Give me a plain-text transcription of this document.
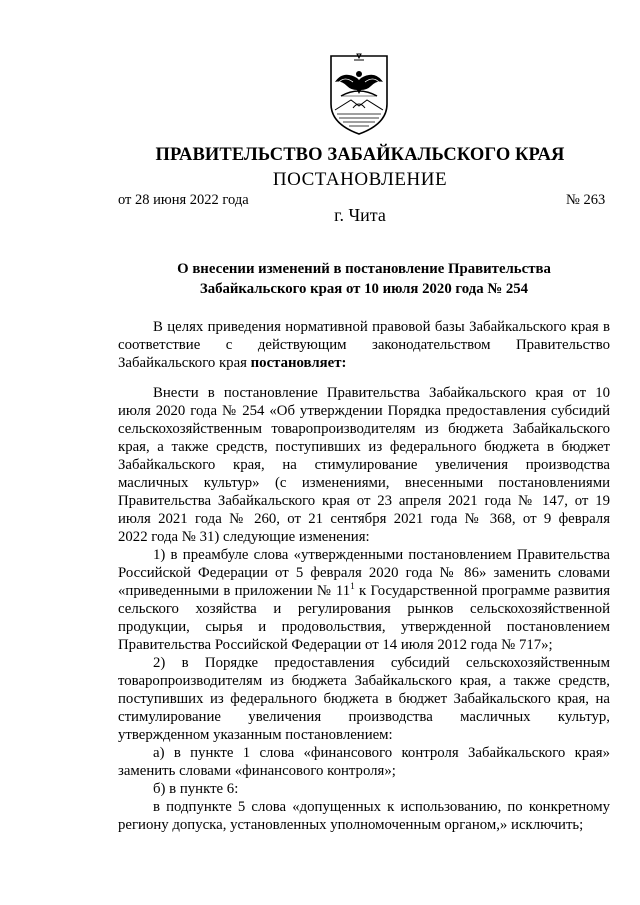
ПРАВИТЕЛЬСТВО ЗАБАЙКАЛЬСКОГО КРАЯ
ПОСТАНОВЛЕНИЕ
от 28 июня 2022 года	№ 263
г. Чита
О внесении изменений в постановление Правительства
Забайкальского края от 10 июля 2020 года № 254
В целях приведения нормативной правовой базы Забайкальского края в
соответствие с действующим законодательством Правительство
Забайкальского края постановляет:
Внести в постановление Правительства Забайкальского края от 10
июля 2020 года № 254 «Об утверждении Порядка предоставления субсидий
сельскохозяйственным товаропроизводителям из бюджета Забайкальского
края, а также средств, поступивших из федерального бюджета в бюджет
Забайкальского края, на стимулирование увеличения производства
масличных культур» (с изменениями, внесенными постановлениями
Правительства Забайкальского края от 23 апреля 2021 года № 147, от 19
июля 2021 года № 260, от 21 сентября 2021 года № 368, от 9 февраля
2022 года № 31) следующие изменения:
1) в преамбуле слова «утвержденными постановлением Правительства
Российской Федерации от 5 февраля 2020 года № 86» заменить словами
«приведенными в приложении № $11^1$ к Государственной программе развития
сельского хозяйства и регулирования рынков сельскохозяйственной
продукции, сырья и продовольствия, утвержденной постановлением
Правительства Российской Федерации от 14 июля 2012 года № 717»;
2) в Порядке предоставления субсидий сельскохозяйственным
товаропроизводителям из бюджета Забайкальского края, а также средств,
поступивших из федерального бюджета в бюджет Забайкальского края, на
стимулирование увеличения производства масличных культур,
утвержденном указанным постановлением:
а) в пункте 1 слова «финансового контроля Забайкальского края»
заменить словами «финансового контроля»;
б) в пункте 6:
в подпункте 5 слова «допущенных к использованию, по конкретному
региону допуска, установленных уполномоченным органом,» исключить;
